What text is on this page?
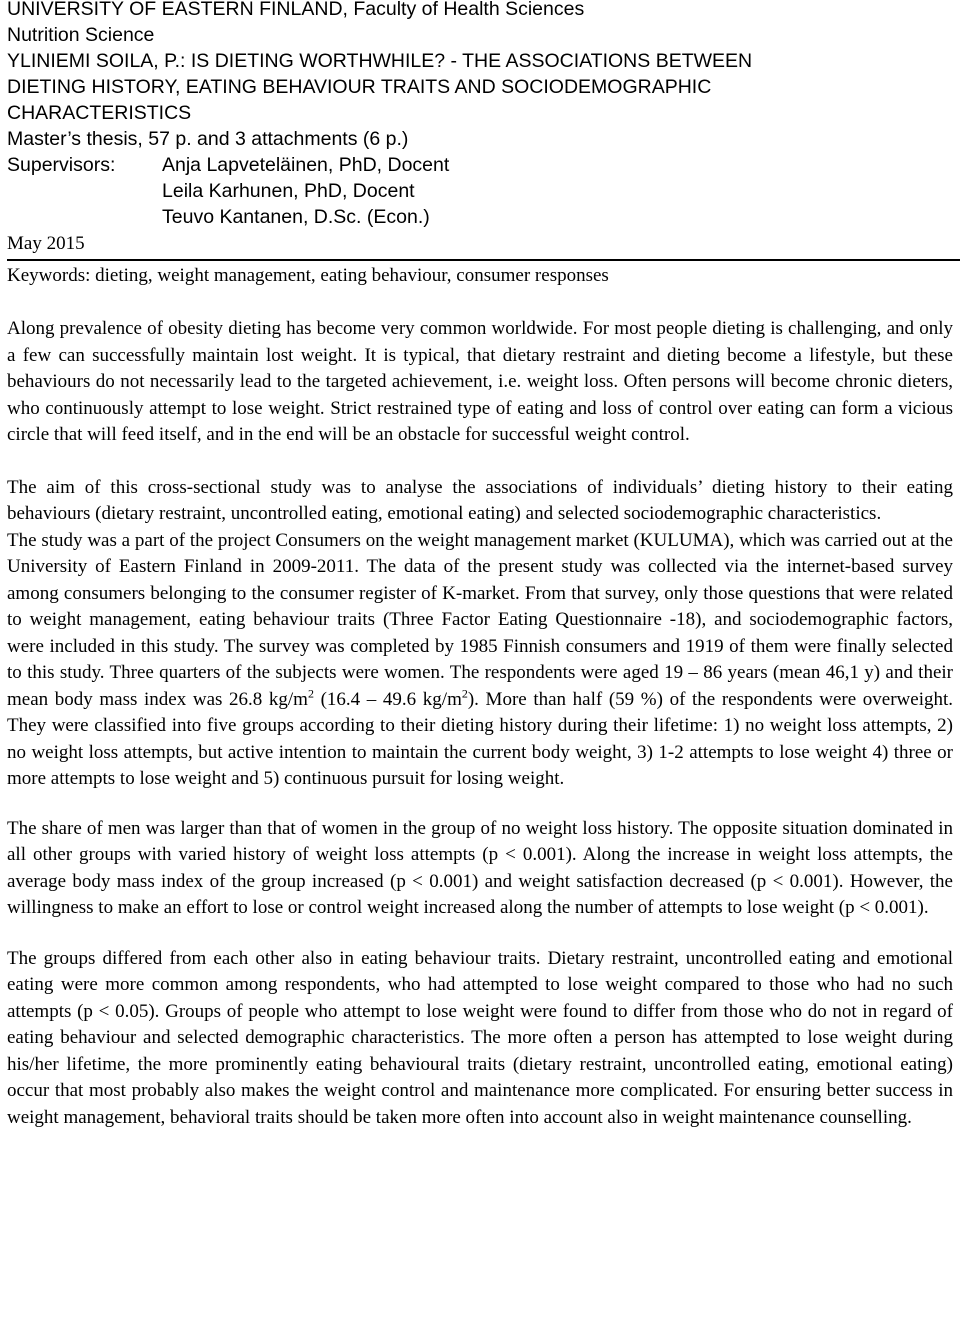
UNIVERSITY OF EASTERN FINLAND, Faculty of Health Sciences
Nutrition Science
YLINIEMI SOILA, P.: IS DIETING WORTHWHILE? - THE ASSOCIATIONS BETWEEN
DIETING HISTORY, EATING BEHAVIOUR TRAITS AND SOCIODEMOGRAPHIC
CHARACTERISTICS
Master’s thesis, 57 p. and 3 attachments (6 p.)
Supervisors:	Anja Lapveteläinen, PhD, Docent
Leila Karhunen, PhD, Docent
Teuvo Kantanen, D.Sc. (Econ.)
May 2015
Keywords: dieting, weight management, eating behaviour, consumer responses

Along prevalence of obesity dieting has become very common worldwide. For most people dieting is challenging, and only a few can successfully maintain lost weight. It is typical, that dietary restraint and dieting become a lifestyle, but these behaviours do not necessarily lead to the targeted achievement, i.e. weight loss. Often persons will become chronic dieters, who continuously attempt to lose weight. Strict restrained type of eating and loss of control over eating can form a vicious circle that will feed itself, and in the end will be an obstacle for successful weight control.

The aim of this cross-sectional study was to analyse the associations of individuals’ dieting history to their eating behaviours (dietary restraint, uncontrolled eating, emotional eating) and selected sociodemographic characteristics.

The study was a part of the project Consumers on the weight management market (KULUMA), which was carried out at the University of Eastern Finland in 2009-2011. The data of the present study was collected via the internet-based survey among consumers belonging to the consumer register of K-market. From that survey, only those questions that were related to weight management, eating behaviour traits (Three Factor Eating Questionnaire -18), and sociodemographic factors, were included in this study. The survey was completed by 1985 Finnish consumers and 1919 of them were finally selected to this study. Three quarters of the subjects were women. The respondents were aged 19 – 86 years (mean 46,1 y) and their mean body mass index was 26.8 $kg/m^2$ (16.4 – 49.6 $kg/m^2$). More than half (59 %) of the respondents were overweight. They were classified into five groups according to their dieting history during their lifetime: 1) no weight loss attempts, 2) no weight loss attempts, but active intention to maintain the current body weight, 3) 1-2 attempts to lose weight 4) three or more attempts to lose weight and 5) continuous pursuit for losing weight.

The share of men was larger than that of women in the group of no weight loss history. The opposite situation dominated in all other groups with varied history of weight loss attempts (p < 0.001). Along the increase in weight loss attempts, the average body mass index of the group increased (p < 0.001) and weight satisfaction decreased (p < 0.001). However, the willingness to make an effort to lose or control weight increased along the number of attempts to lose weight (p < 0.001).

The groups differed from each other also in eating behaviour traits. Dietary restraint, uncontrolled eating and emotional eating were more common among respondents, who had attempted to lose weight compared to those who had no such attempts (p < 0.05). Groups of people who attempt to lose weight were found to differ from those who do not in regard of eating behaviour and selected demographic characteristics. The more often a person has attempted to lose weight during his/her lifetime, the more prominently eating behavioural traits (dietary restraint, uncontrolled eating, emotional eating) occur that most probably also makes the weight control and maintenance more complicated. For ensuring better success in weight management, behavioral traits should be taken more often into account also in weight maintenance counselling.
